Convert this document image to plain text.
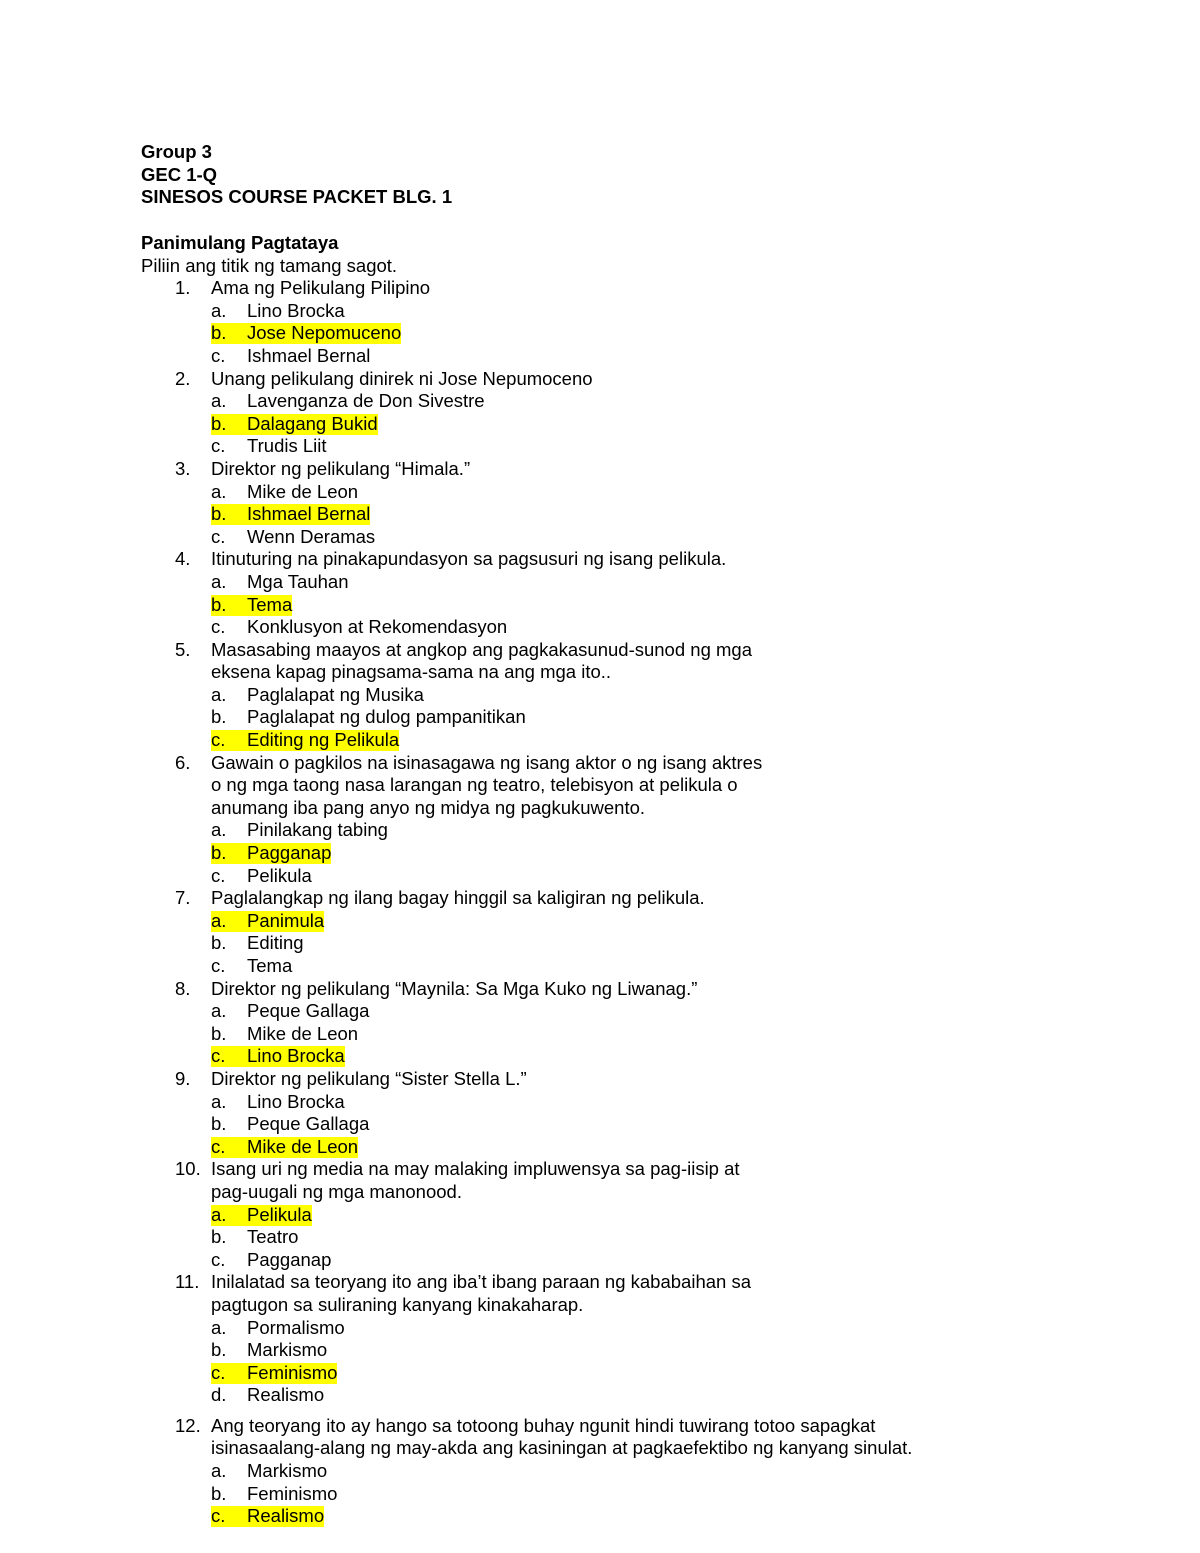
Group 3
GEC 1-Q
SINESOS COURSE PACKET BLG. 1
Panimulang Pagtataya
Piliin ang titik ng tamang sagot.
1. Ama ng Pelikulang Pilipino
a. Lino Brocka
b. Jose Nepomuceno
c. Ishmael Bernal
2. Unang pelikulang dinirek ni Jose Nepumoceno
a. Lavenganza de Don Sivestre
b. Dalagang Bukid
c. Trudis Liit
3. Direktor ng pelikulang “Himala.”
a. Mike de Leon
b. Ishmael Bernal
c. Wenn Deramas
4. Itinuturing na pinakapundasyon sa pagsusuri ng isang pelikula.
a. Mga Tauhan
b. Tema
c. Konklusyon at Rekomendasyon
5. Masasabing maayos at angkop ang pagkakasunud-sunod ng mga
eksena kapag pinagsama-sama na ang mga ito..
a. Paglalapat ng Musika
b. Paglalapat ng dulog pampanitikan
c. Editing ng Pelikula
6. Gawain o pagkilos na isinasagawa ng isang aktor o ng isang aktres
o ng mga taong nasa larangan ng teatro, telebisyon at pelikula o
anumang iba pang anyo ng midya ng pagkukuwento.
a. Pinilakang tabing
b. Pagganap
c. Pelikula
7. Paglalangkap ng ilang bagay hinggil sa kaligiran ng pelikula.
a. Panimula
b. Editing
c. Tema
8. Direktor ng pelikulang “Maynila: Sa Mga Kuko ng Liwanag.”
a. Peque Gallaga
b. Mike de Leon
c. Lino Brocka
9. Direktor ng pelikulang “Sister Stella L.”
a. Lino Brocka
b. Peque Gallaga
c. Mike de Leon
10. Isang uri ng media na may malaking impluwensya sa pag-iisip at
pag-uugali ng mga manonood.
a. Pelikula
b. Teatro
c. Pagganap
11. Inilalatad sa teoryang ito ang iba’t ibang paraan ng kababaihan sa
pagtugon sa suliraning kanyang kinakaharap.
a. Pormalismo
b. Markismo
c. Feminismo
d. Realismo
12. Ang teoryang ito ay hango sa totoong buhay ngunit hindi tuwirang totoo sapagkat
isinasaalang-alang ng may-akda ang kasiningan at pagkaefektibo ng kanyang sinulat.
a. Markismo
b. Feminismo
c. Realismo
